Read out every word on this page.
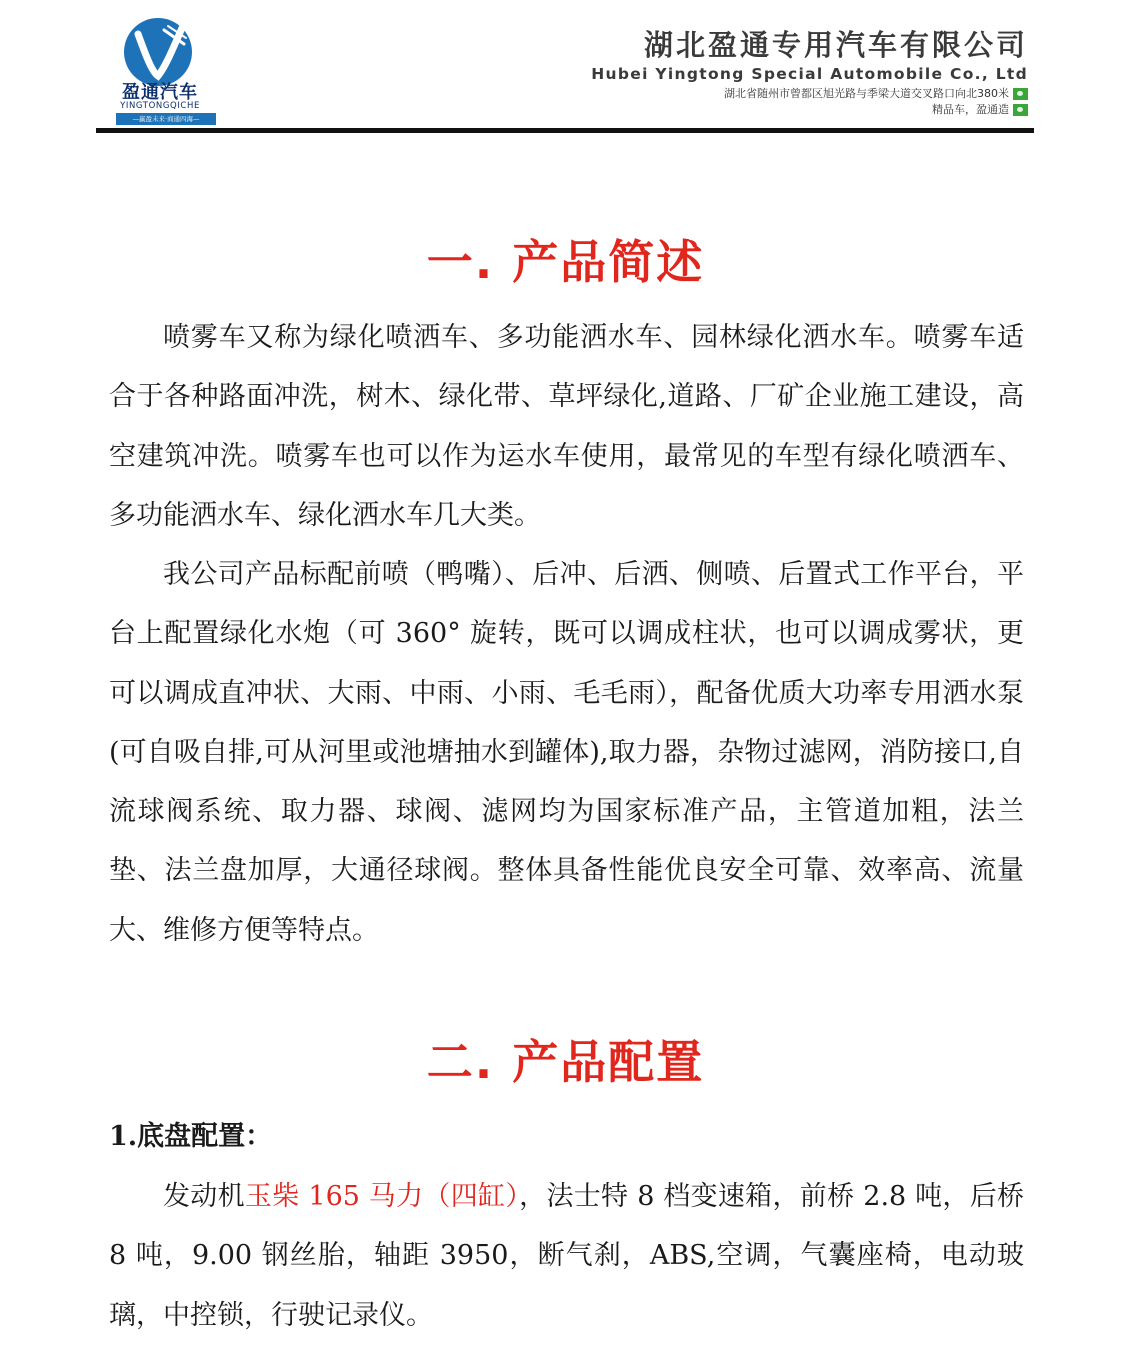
盈通汽车
YINGTONGQICHE
—赢盈未来·商通四海—
湖北盈通专用汽车有限公司
Hubei Yingtong Special Automobile Co., Ltd
湖北省随州市曾都区旭光路与季梁大道交叉路口向北380米
精品车，盈通造
一. 产品简述

喷雾车又称为绿化喷洒车、多功能洒水车、园林绿化洒水车。喷雾车适合于各种路面冲洗，树木、绿化带、草坪绿化,道路、厂矿企业施工建设，高空建筑冲洗。喷雾车也可以作为运水车使用，最常见的车型有绿化喷洒车、多功能洒水车、绿化洒水车几大类。

我公司产品标配前喷（鸭嘴）、后冲、后洒、侧喷、后置式工作平台，平台上配置绿化水炮（可 360° 旋转，既可以调成柱状，也可以调成雾状，更可以调成直冲状、大雨、中雨、小雨、毛毛雨），配备优质大功率专用洒水泵(可自吸自排,可从河里或池塘抽水到罐体),取力器，杂物过滤网，消防接口,自流球阀系统、取力器、球阀、滤网均为国家标准产品，主管道加粗，法兰垫、法兰盘加厚，大通径球阀。整体具备性能优良安全可靠、效率高、流量大、维修方便等特点。

二. 产品配置
1.底盘配置：

发动机玉柴 165 马力（四缸），法士特 8 档变速箱，前桥 2.8 吨，后桥 8 吨，9.00 钢丝胎，轴距 3950，断气刹，ABS,空调，气囊座椅，电动玻璃，中控锁，行驶记录仪。
